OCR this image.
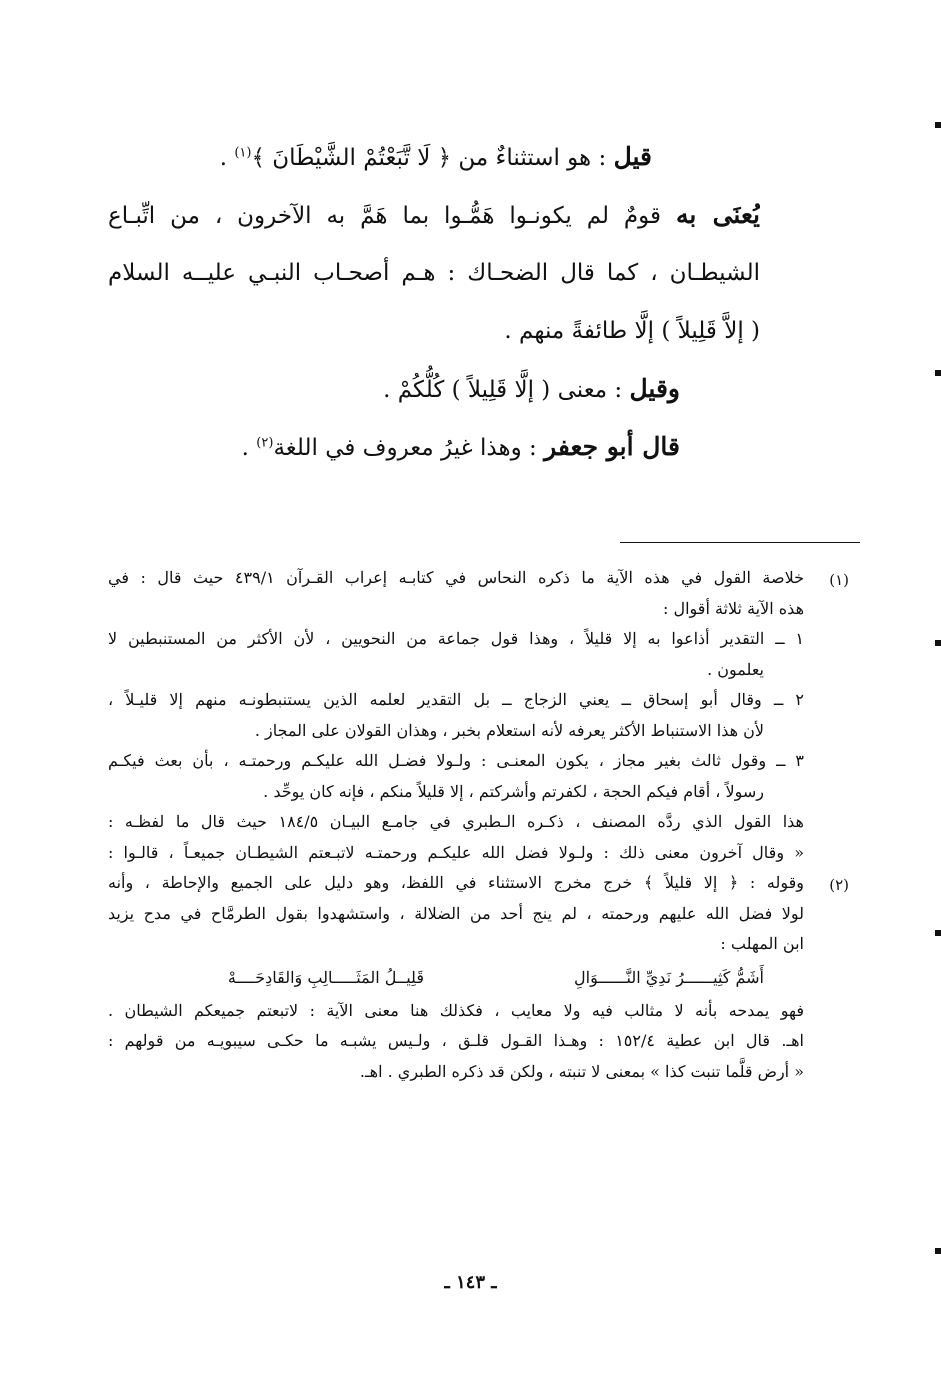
قيل : هو استثناءٌ من ﴿ لَا تَّبَعْتُمْ الشَّيْطَانَ ﴾$^{(١)}$ .
يُعنَى به قومٌ لم يكونـوا هَمُّـوا بما هَمَّ به الآخرون ، من اتِّبـاع
الشيطـان ، كما قال الضحـاك : هـم أصحـاب النبـي عليــه السلام
( إلاَّ قَلِيلاً ) إلَّا طائفةً منهم .
وقيل : معنى ( إلَّا قَلِيلاً ) كُلُّكُمْ .
قال أبو جعفر : وهذا غيرُ معروف في اللغة$^{(٢)}$ .
(١)
(٢)
خلاصة القول في هذه الآية ما ذكره النحاس في كتابـه إعراب القـرآن ٤٣٩/١ حيث قال : في
هذه الآية ثلاثة أقوال :
١ ــ التقدير أذاعوا به إلا قليلاً ، وهذا قول جماعة من النحويين ، لأن الأكثر من المستنبطين لا
يعلمون .
٢ ــ وقال أبو إسحاق ــ يعني الزجاج ــ بل التقدير لعلمه الذين يستنبطونـه منهم إلا قليـلاً ،
لأن هذا الاستنباط الأكثر يعرفه لأنه استعلام بخبر ، وهذان القولان على المجاز .
٣ ــ وقول ثالث بغير مجاز ، يكون المعنـى : ولـولا فضـل الله عليكـم ورحمتـه ، بأن بعث فيكـم
رسولاً ، أقام فيكم الحجة ، لكفرتم وأشركتم ، إلا قليلاً منكم ، فإنه كان يوحِّد .
هذا القول الذي ردَّه المصنف ، ذكـره الـطبري في جامـع البيـان ١٨٤/٥ حيث قال ما لفظـه :
« وقال آخرون معنى ذلك : ولـولا فضل الله عليكـم ورحمتـه لاتبـعتم الشيطـان جميعـاً ، قالـوا :
وقوله : ﴿ إلا قليلاً ﴾ خرج مخرج الاستثناء في اللفظ، وهو دليل على الجميع والإحاطة ، وأنه
لولا فضل الله عليهم ورحمته ، لم ينج أحد من الضلالة ، واستشهدوا بقول الطرمَّاح في مدح يزيد
ابن المهلب :
أَشَمُّ كَثِيــــــرُ نَدِيِّ النَّــــــوَالِ
قَلِيــلُ المَثَـــــالِبِ وَالقَادِحَــــهْ
فهو يمدحه بأنه لا مثالب فيه ولا معايب ، فكذلك هنا معنى الآية : لاتبعتم جميعكم الشيطان .
اهـ. قال ابن عطية ١٥٢/٤ : وهـذا القـول قلـق ، ولـيس يشبـه ما حكـى سيبويـه من قولهم :
« أرض قلَّما تنبت كذا » بمعنى لا تنبته ، ولكن قد ذكره الطبري . اهـ.
ـ ١٤٣ ـ
